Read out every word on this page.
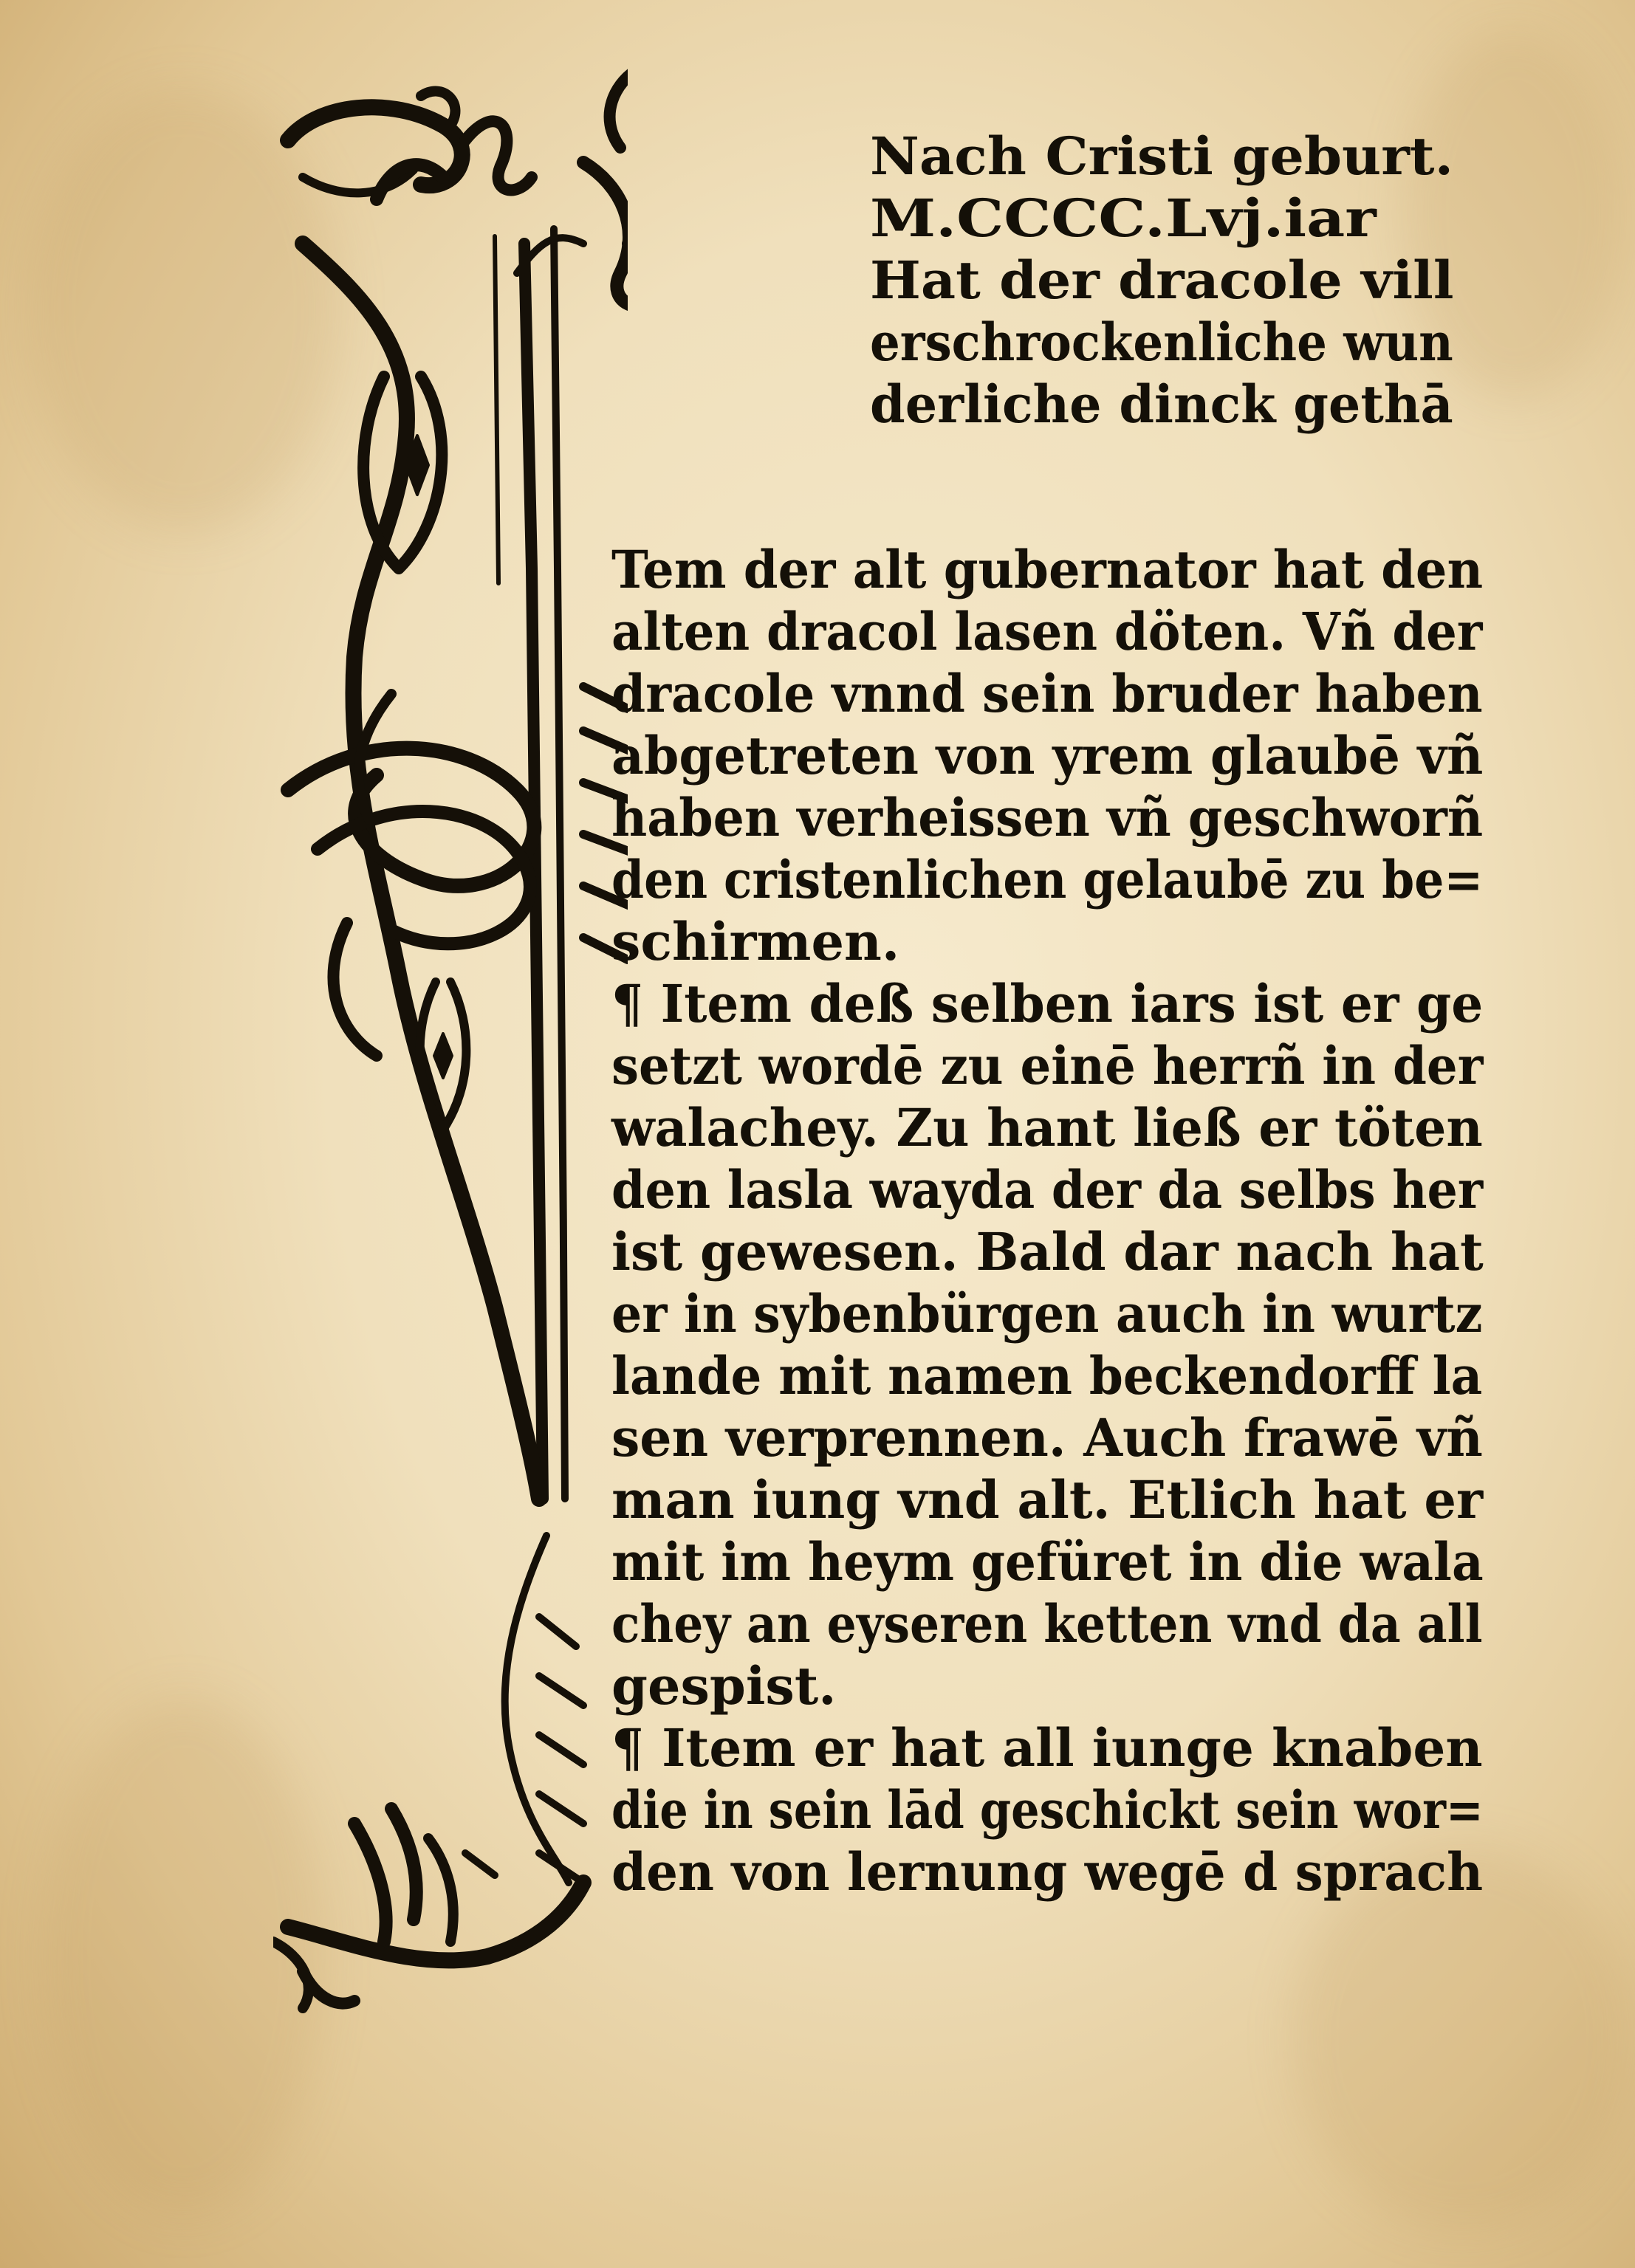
Nach Cristi geburt.
M.CCCC.Lvj.iar
Hat der dracole vill
erschrockenliche wun
derliche dinck gethā
Tem der alt gubernator hat den
alten dracol lasen döten. Vñ der
dracole vnnd sein bruder haben
abgetreten von yrem glaubē vñ
haben verheissen vñ geschworñ
den cristenlichen gelaubē zu be=
schirmen.
¶ Item deß selben iars ist er ge
setzt wordē zu einē herrñ in der
walachey. Zu hant ließ er töten
den lasla wayda der da selbs her
ist gewesen. Bald dar nach hat
er in sybenbürgen auch in wurtz
lande mit namen beckendorff la
sen verprennen. Auch frawē vñ
man iung vnd alt. Etlich hat er
mit im heym gefüret in die wala
chey an eyseren ketten vnd da all
gespist.
¶ Item er hat all iunge knaben
die in sein lād geschickt sein wor=
den von lernung wegē d sprach
